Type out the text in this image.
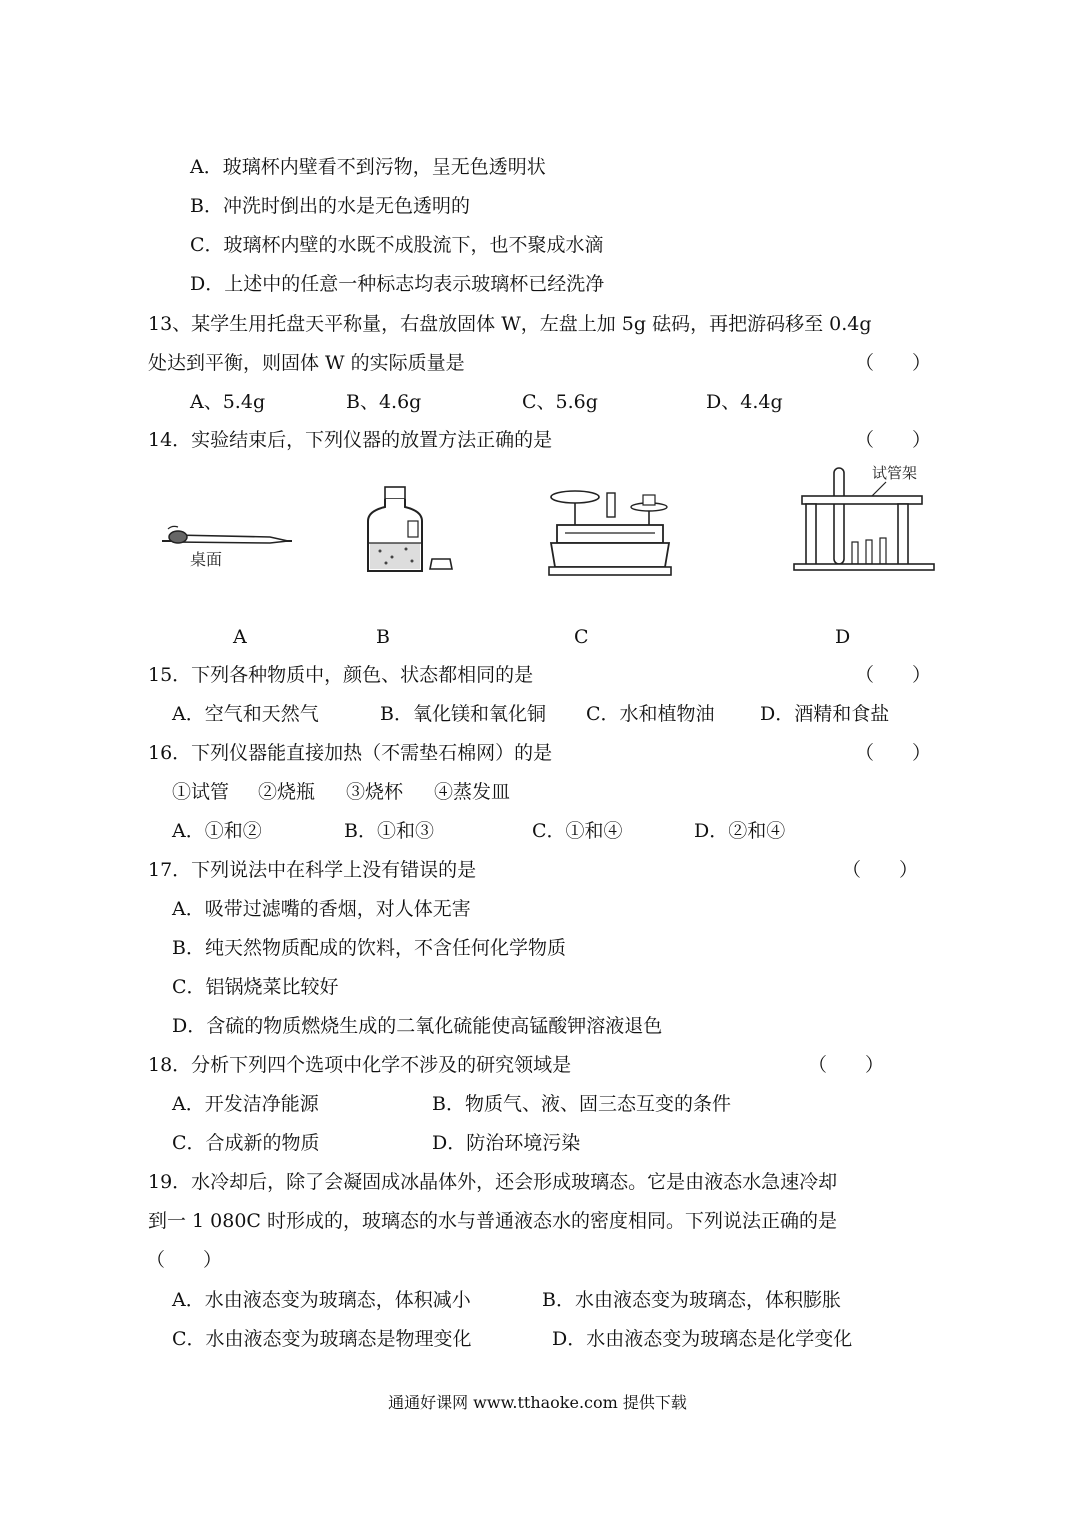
A．玻璃杯内壁看不到污物，呈无色透明状
B．冲洗时倒出的水是无色透明的
C．玻璃杯内壁的水既不成股流下，也不聚成水滴
D．上述中的任意一种标志均表示玻璃杯已经洗净
13、某学生用托盘天平称量，右盘放固体 W，左盘上加 5g 砝码，再把游码移至 0.4g
处达到平衡，则固体 W 的实际质量是	（　　）
A、5.4g	B、4.6g	C、5.6g	D、4.4g
14．实验结束后，下列仪器的放置方法正确的是	（　　）
桌面
试管架
A	B	C	D
15．下列各种物质中，颜色、状态都相同的是	（　　）
A．空气和天然气	B．氧化镁和氧化铜 C．水和植物油 D．酒精和食盐
16．下列仪器能直接加热（不需垫石棉网）的是	（　　）
①试管 ②烧瓶 ③烧杯 ④蒸发皿
A．①和②	B．①和③	C．①和④	D．②和④
17．下列说法中在科学上没有错误的是	（　　）
A．吸带过滤嘴的香烟，对人体无害
B．纯天然物质配成的饮料，不含任何化学物质
C．铝锅烧菜比较好
D．含硫的物质燃烧生成的二氧化硫能使高锰酸钾溶液退色
18．分析下列四个选项中化学不涉及的研究领域是	（　　）
A．开发洁净能源	B．物质气、液、固三态互变的条件
C．合成新的物质	D．防治环境污染
19．水冷却后，除了会凝固成冰晶体外，还会形成玻璃态。它是由液态水急速冷却
到一 1 080C 时形成的，玻璃态的水与普通液态水的密度相同。下列说法正确的是
（　　）
A．水由液态变为玻璃态，体积减小	B．水由液态变为玻璃态，体积膨胀
C．水由液态变为玻璃态是物理变化	D．水由液态变为玻璃态是化学变化
通通好课网 www.tthaoke.com 提供下载
